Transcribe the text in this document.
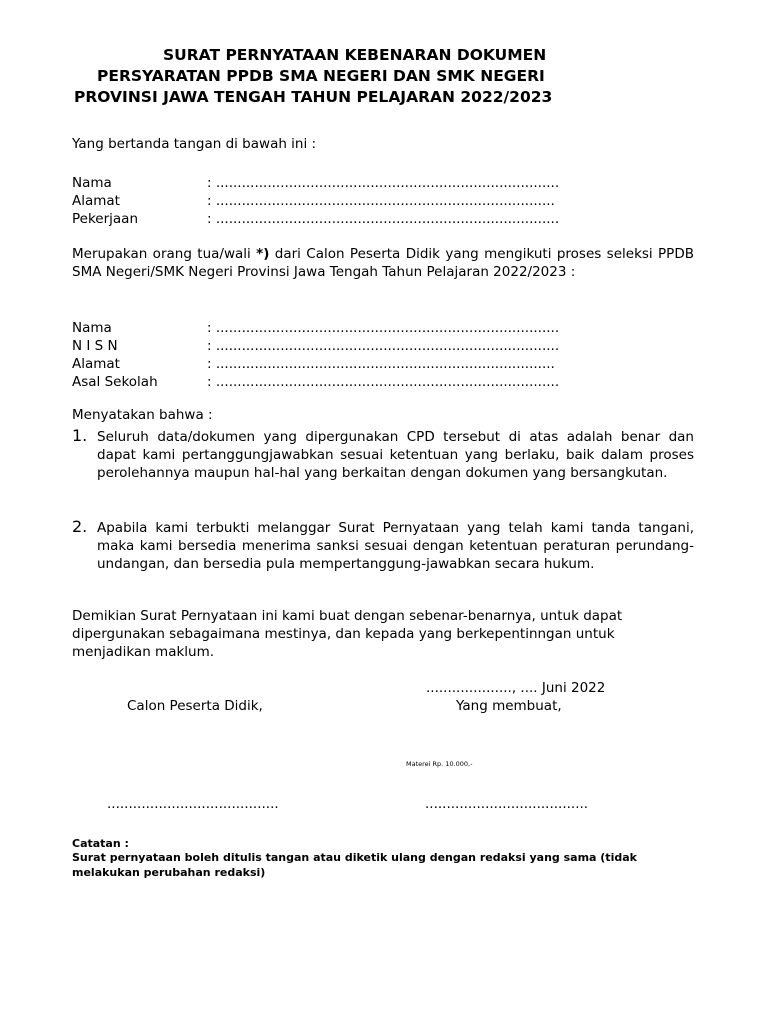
SURAT PERNYATAAN KEBENARAN DOKUMEN
PERSYARATAN PPDB SMA NEGERI DAN SMK NEGERI
PROVINSI JAWA TENGAH TAHUN PELAJARAN 2022/2023
Yang bertanda tangan di bawah ini :
Nama	: ................................................................................
Alamat	: ...............................................................................
Pekerjaan	: ................................................................................
Merupakan orang tua/wali *) dari Calon Peserta Didik yang mengikuti proses seleksi PPDB SMA Negeri/SMK Negeri Provinsi Jawa Tengah Tahun Pelajaran 2022/2023 :
Nama	: ................................................................................
N I S N	: ................................................................................
Alamat	: ...............................................................................
Asal Sekolah	: ................................................................................
Menyatakan bahwa :
1. Seluruh data/dokumen yang dipergunakan CPD tersebut di atas adalah benar dan dapat kami pertanggungjawabkan sesuai ketentuan yang berlaku, baik dalam proses perolehannya maupun hal-hal yang berkaitan dengan dokumen yang bersangkutan.
2. Apabila kami terbukti melanggar Surat Pernyataan yang telah kami tanda tangani, maka kami bersedia menerima sanksi sesuai dengan ketentuan peraturan perundang-undangan, dan bersedia pula mempertanggung-jawabkan secara hukum.
Demikian Surat Pernyataan ini kami buat dengan sebenar-benarnya, untuk dapat dipergunakan sebagaimana mestinya, dan kepada yang berkepentinngan untuk menjadikan maklum.
...................., .... Juni 2022
Calon Peserta Didik,	Yang membuat,
Materei Rp. 10.000,-
........................................	......................................
Catatan :
Surat pernyataan boleh ditulis tangan atau diketik ulang dengan redaksi yang sama (tidak melakukan perubahan redaksi)
